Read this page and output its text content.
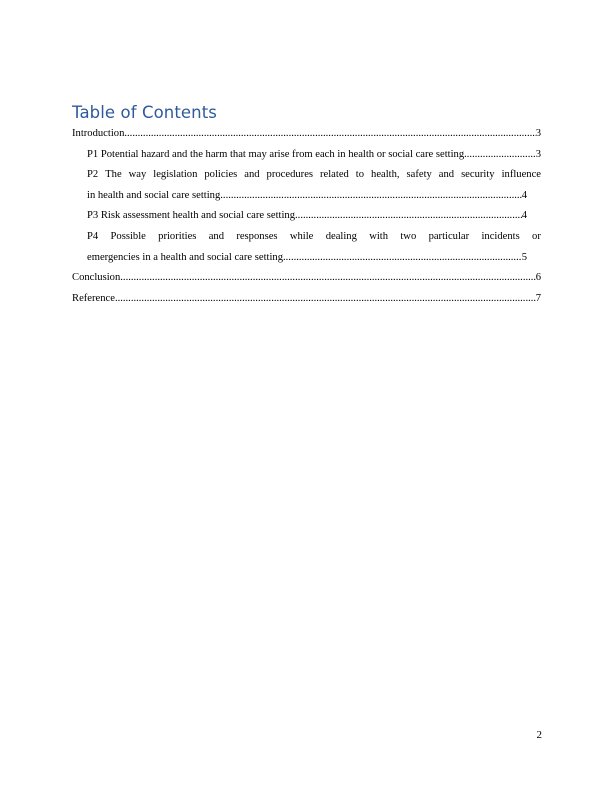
Table of Contents
Introduction .....	3
P1 Potential hazard and the harm that may arise from each in health or social care setting. .....	3
P2 The way legislation policies and procedures related to health, safety and security influence
in health and social care setting .....	4
P3 Risk assessment health and social care setting .....	4
P4 Possible priorities and responses while dealing with two particular incidents or
emergencies in a health and social care setting .....	5
Conclusion .....	6
Reference .....	7
2
